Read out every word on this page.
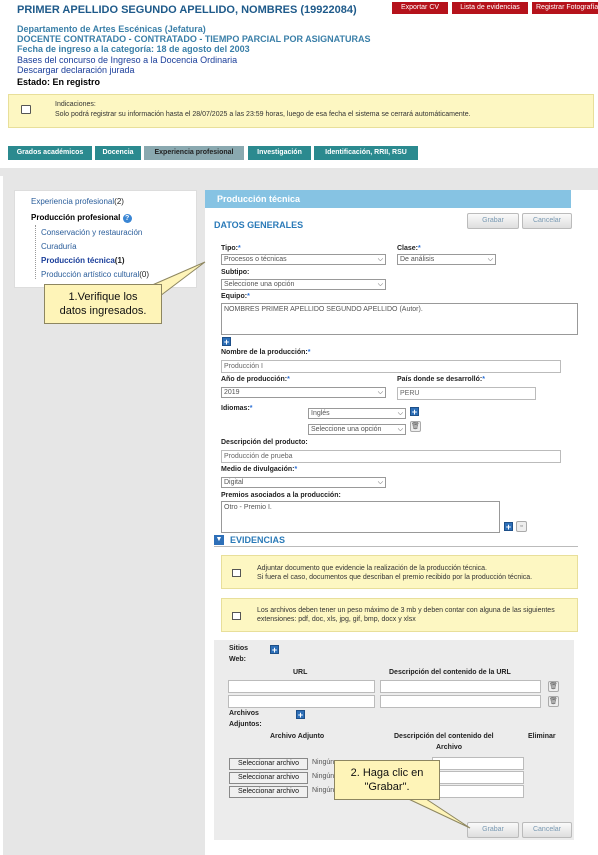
PRIMER APELLIDO SEGUNDO APELLIDO, NOMBRES (19922084)	Exportar CV	Lista de evidencias	Registrar Fotografía
Departamento de Artes Escénicas (Jefatura)
DOCENTE CONTRATADO - CONTRATADO - TIEMPO PARCIAL POR ASIGNATURAS
Fecha de ingreso a la categoría: 18 de agosto del 2003
Bases del concurso de Ingreso a la Docencia Ordinaria
Descargar declaración jurada
Estado: En registro
Indicaciones:
Solo podrá registrar su información hasta el 28/07/2025 a las 23:59 horas, luego de esa fecha el sistema se cerrará automáticamente.
Grados académicos	Docencia	Experiencia profesional	Investigación	Identificación, RRII, RSU
Experiencia profesional(2)
Producción profesional ?
Conservación y restauración
Curaduría
Producción técnica(1)
Producción artístico cultural(0)
Producción técnica
DATOS GENERALES	Grabar	Cancelar
Tipo:*
Procesos o técnicas	⌵
Clase:*
De análisis	⌵
Subtipo:
Seleccione una opción	⌵
Equipo:*
NOMBRES PRIMER APELLIDO SEGUNDO APELLIDO (Autor).
+
Nombre de la producción:*
Producción I
Año de producción:*
2019	⌵
País donde se desarrolló:*
PERU
Idiomas:*
Inglés	⌵ +
Seleccione una opción ⌵ 🗑
Descripción del producto:
Producción de prueba
Medio de divulgación:*
Digital	⌵
Premios asociados a la producción:
Otro - Premio I.
+	▫
▼ EVIDENCIAS
Adjuntar documento que evidencie la realización de la producción técnica.
Si fuera el caso, documentos que describan el premio recibido por la producción técnica.
Los archivos deben tener un peso máximo de 3 mb y deben contar con alguna de las siguientes
extensiones: pdf, doc, xls, jpg, gif, bmp, docx y xlsx
Sitios	+
Web:
URL	Descripción del contenido de la URL
🗑
🗑
Archivos	+
Adjuntos:
Archivo Adjunto	Descripción del contenido del
Archivo
Eliminar
Seleccionar archivo	Ningún
Seleccionar archivo	Ningún
Seleccionar archivo	Ningún
Grabar	Cancelar
1.Verifique los
datos ingresados.
2. Haga clic en
"Grabar".
